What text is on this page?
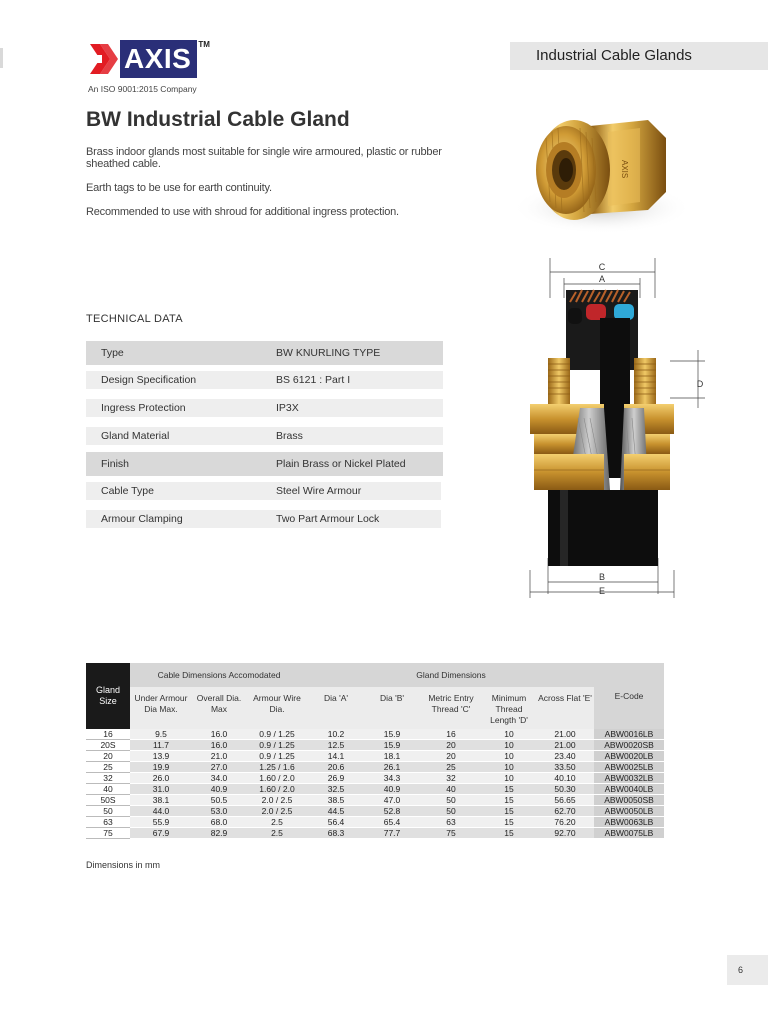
AXIS TM
An ISO 9001:2015 Company
Industrial Cable Glands
BW Industrial Cable Gland

Brass indoor glands most suitable for single wire armoured, plastic or rubber sheathed cable.

Earth tags to be use for earth continuity.

Recommended to use with shroud for additional ingress protection.

AXIS
TECHNICAL DATA
Type	BW KNURLING TYPE
Design Specification	BS 6121 : Part I
Ingress Protection	IP3X
Gland Material	Brass
Finish	Plain Brass or Nickel Plated
Cable Type	Steel Wire Armour
Armour Clamping	Two Part Armour Lock
C
A
D
B
E
Gland Size	Cable Dimensions Accomodated			Gland Dimensions					E-Code
	Under Armour Dia Max.	Overall Dia. Max	Armour Wire Dia.	Dia 'A'	Dia 'B'	Metric Entry Thread 'C'	Minimum Thread Length 'D'	Across Flat 'E'	
16	9.5	16.0	0.9 / 1.25	10.2	15.9	16	10	21.00	ABW0016LB
20S	11.7	16.0	0.9 / 1.25	12.5	15.9	20	10	21.00	ABW0020SB
20	13.9	21.0	0.9 / 1.25	14.1	18.1	20	10	23.40	ABW0020LB
25	19.9	27.0	1.25 / 1.6	20.6	26.1	25	10	33.50	ABW0025LB
32	26.0	34.0	1.60 / 2.0	26.9	34.3	32	10	40.10	ABW0032LB
40	31.0	40.9	1.60 / 2.0	32.5	40.9	40	15	50.30	ABW0040LB
50S	38.1	50.5	2.0 / 2.5	38.5	47.0	50	15	56.65	ABW0050SB
50	44.0	53.0	2.0 / 2.5	44.5	52.8	50	15	62.70	ABW0050LB
63	55.9	68.0	2.5	56.4	65.4	63	15	76.20	ABW0063LB
75	67.9	82.9	2.5	68.3	77.7	75	15	92.70	ABW0075LB
Dimensions in mm
6
